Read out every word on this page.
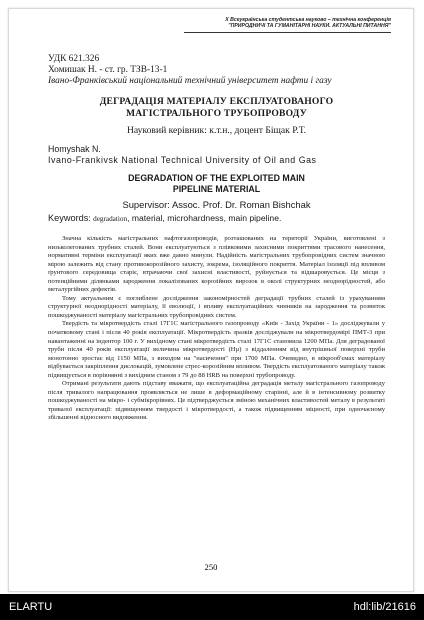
X Всеукраїнська студентська науково – технічна конференція
"ПРИРОДНИЧІ ТА ГУМАНІТАРНІ НАУКИ. АКТУАЛЬНІ ПИТАННЯ"

УДК 621.326

Хомишак Н. - ст. гр. ТЗВ-13-1

Івано-Франківський національний технічний університет нафти і газу

ДЕГРАДАЦІЯ МАТЕРІАЛУ ЕКСПЛУАТОВАНОГО
МАГІСТРАЛЬНОГО ТРУБОПРОВОДУ
Науковий керівник: к.т.н., доцент Біщак Р.Т.

Homyshak N.

Ivano-Frankivsk National Technical University of Oil and Gas

DEGRADATION OF THE EXPLOITED MAIN
PIPELINE MATERIAL
Supervisor: Assoc. Prof. Dr. Roman Bishchak

Keywords: degradation, material, microhardness, main pipeline.

Значна кількість магістральних нафтогазопроводів, розташованих на території України, виготовлені з низьколегованих трубних сталей. Вони експлуатуються з плівковими захисними покриттями трасового нанесення, нормативні терміни експлуатації яких вже давно минули. Надійність магістральних трубопровідних систем значною мірою залежить від стану противокорозійного захисту, зокрема, ізоляційного покриття. Матеріал ізоляції під впливом ґрунтового середовища старіє, втрачаючи свої захисні властивості, руйнується та відшаровується. Це місця з потенційними ділянками зародження локалізованих корозійних вирозок в околі структурних неоднорідностей, або металургійних дефектів.

Тому актуальним є поглиблене дослідження закономірностей деградації трубних сталей із урахуванням структурної неоднорідності матеріалу, її еволюції, і впливу експлуатаційних чинників на зародження та розвиток пошкоджуваності матеріалу магістральних трубопровідних систем.

Твердість та мікротвердість сталі 17Г1С магістрального газопроводу «Київ - Захід України - 1» досліджували у початковому стані і після 40 років експлуатації. Мікротвердість зразків досліджували на мікротвердомірі ПМТ-3 при навантаженні на індентор 100 г. У вихідному стані мікротвердість сталі 17Г1С становила 1200 МПа. Для деградованої труби після 40 років експлуатації величина мікротвердості (Hµ) з віддаленням від внутрішньої поверхні труби монотонно зростає від 1150 МПа, з виходом на "насичення" при 1700 МПа. Очевидно, в мікрооб'ємах матеріалу відбувається закріплення дислокацій, зумовлене стрес-корозійним впливом. Твердість експлуатованого матеріалу також підвищується в порівнянні з вихідним станом з 79 до 88 HRB на поверхні трубопроводу.

Отримані результати дають підставу вважати, що експлуатаційна деградація металу магістрального газопроводу після тривалого напрацювання проявляється не лише в деформаційному старінні, але й в інтенсивному розвитку пошкоджуваності на мікро- і субмікрорівнях. Це підтверджується зміною механічних властивостей металу в результаті тривалої експлуатації: підвищенням твердості і мікротвердості, а також підвищенням міцності, при одночасному збільшенні відносного видовження.

250
ELARTU	hdl:lib/21616
